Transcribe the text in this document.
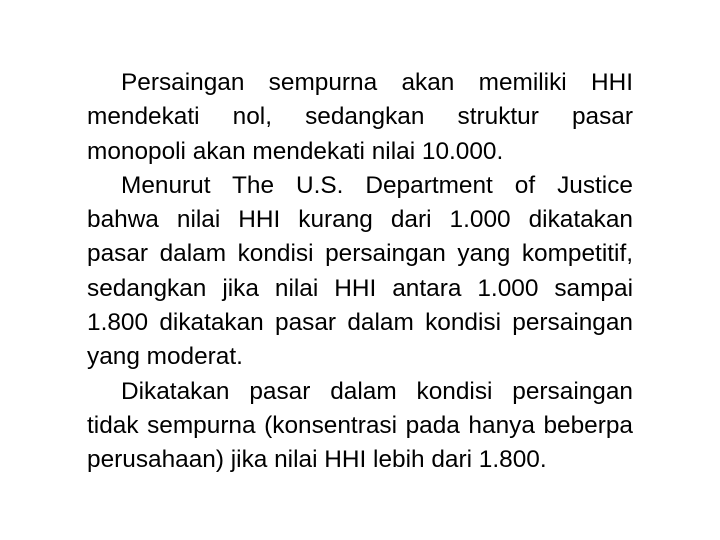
Persaingan sempurna akan memiliki HHI mendekati nol, sedangkan struktur pasar monopoli akan mendekati nilai 10.000.

Menurut The U.S. Department of Justice bahwa nilai HHI kurang dari 1.000 dikatakan pasar dalam kondisi persaingan yang kompetitif, sedangkan jika nilai HHI antara 1.000 sampai 1.800 dikatakan pasar dalam kondisi persaingan yang moderat.

Dikatakan pasar dalam kondisi persaingan tidak sempurna (konsentrasi pada hanya beberpa perusahaan) jika nilai HHI lebih dari 1.800.
